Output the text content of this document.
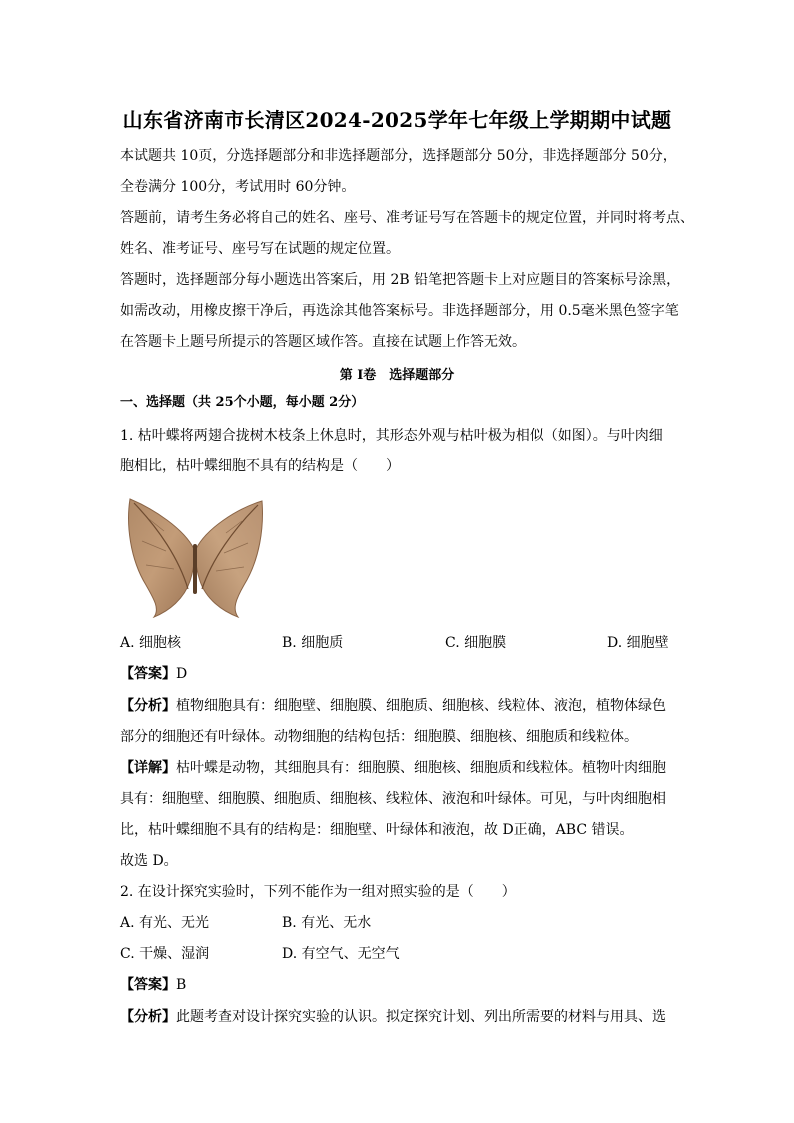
山东省济南市长清区2024-2025学年七年级上学期期中试题
本试题共 10页，分选择题部分和非选择题部分，选择题部分 50分，非选择题部分 50分，
全卷满分 100分，考试用时 60分钟。
答题前，请考生务必将自己的姓名、座号、准考证号写在答题卡的规定位置，并同时将考点、
姓名、准考证号、座号写在试题的规定位置。
答题时，选择题部分每小题选出答案后，用 2B 铅笔把答题卡上对应题目的答案标号涂黑，
如需改动，用橡皮擦干净后，再选涂其他答案标号。非选择题部分，用 0.5毫米黑色签字笔
在答题卡上题号所提示的答题区域作答。直接在试题上作答无效。
第 I卷　选择题部分
一、选择题（共 25个小题，每小题 2分）
1. 枯叶蝶将两翅合拢树木枝条上休息时，其形态外观与枯叶极为相似（如图）。与叶肉细
胞相比，枯叶蝶细胞不具有的结构是（　　）
A. 细胞核	B. 细胞质	C. 细胞膜	D. 细胞壁
【答案】D
【分析】植物细胞具有：细胞壁、细胞膜、细胞质、细胞核、线粒体、液泡，植物体绿色
部分的细胞还有叶绿体。动物细胞的结构包括：细胞膜、细胞核、细胞质和线粒体。
【详解】枯叶蝶是动物，其细胞具有：细胞膜、细胞核、细胞质和线粒体。植物叶肉细胞
具有：细胞壁、细胞膜、细胞质、细胞核、线粒体、液泡和叶绿体。可见，与叶肉细胞相
比，枯叶蝶细胞不具有的结构是：细胞壁、叶绿体和液泡，故 D正确，ABC 错误。
故选 D。
2. 在设计探究实验时，下列不能作为一组对照实验的是（　　）
A. 有光、无光	B. 有光、无水
C. 干燥、湿润	D. 有空气、无空气
【答案】B
【分析】此题考查对设计探究实验的认识。拟定探究计划、列出所需要的材料与用具、选
